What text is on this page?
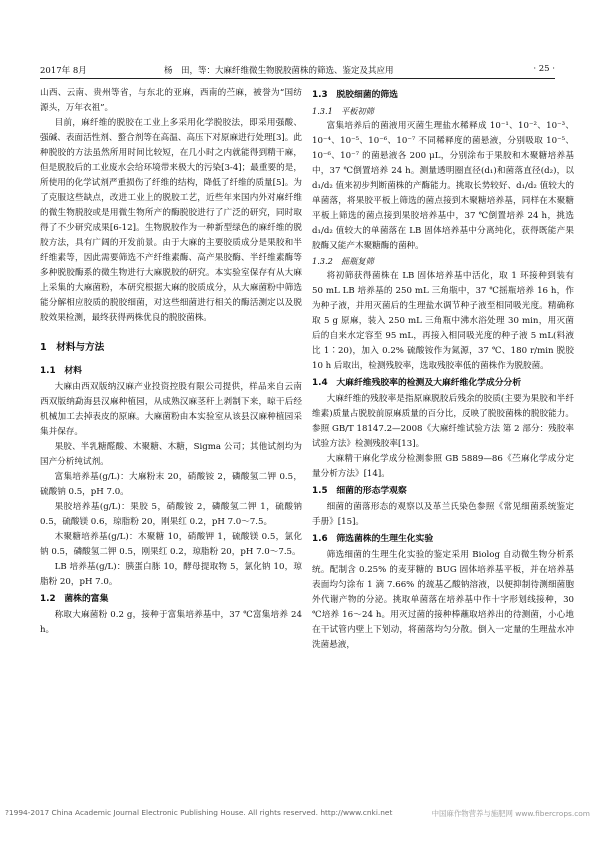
2017年 8月	杨　田，等：大麻纤维微生物脱胶菌株的筛选、鉴定及其应用	· 25 ·

山西、云南、贵州等省，与东北的亚麻，西南的苎麻，被誉为“国纺源头，万年衣祖”。

目前，麻纤维的脱胶在工业上多采用化学脱胶法，即采用强酸、强碱、表面活性剂、螯合剂等在高温、高压下对原麻进行处理[3]。此种脱胶的方法虽然所用时间比较短，在几小时之内就能得到精干麻，但是脱胶后的工业废水会给环境带来极大的污染[3-4]；最重要的是，所使用的化学试剂严重损伤了纤维的结构，降低了纤维的质量[5]。为了克服这些缺点，改进工业上的脱胶工艺，近些年来国内外对麻纤维的微生物脱胶或是用微生物所产的酶脱胶进行了广泛的研究，同时取得了不少研究成果[6-12]。生物脱胶作为一种新型绿色的麻纤维的脱胶方法，具有广阔的开发前景。由于大麻的主要胶质成分是果胶和半纤维素等，因此需要筛选不产纤维素酶、高产果胶酶、半纤维素酶等多种脱胶酶系的微生物进行大麻脱胶的研究。本实验室保存有从大麻上采集的大麻菌粉，本研究根据大麻的胶质成分，从大麻菌粉中筛选能分解相应胶质的脱胶细菌，对这些细菌进行相关的酶活测定以及脱胶效果检测，最终获得两株优良的脱胶菌株。

1　材料与方法
1.1　材料

大麻由西双版纳汉麻产业投资控股有限公司提供，样品来自云南西双版纳勐海县汉麻种植园，从成熟汉麻茎秆上剥制下来，晾干后经机械加工去掉表皮的原麻。大麻菌粉由本实验室从该县汉麻种植园采集并保存。

果胶、半乳糖醛酸、木聚糖、木糖，Sigma 公司；其他试剂均为国产分析纯试剂。

富集培养基(g/L)：大麻粉末 20，硝酸铵 2，磷酸氢二钾 0.5，硫酸钠 0.5，pH 7.0。

果胶培养基(g/L)：果胶 5，硝酸铵 2，磷酸氢二钾 1，硫酸钠 0.5，硫酸镁 0.6，琼脂粉 20，刚果红 0.2，pH 7.0～7.5。

木聚糖培养基(g/L)：木聚糖 10，硝酸钾 1，硫酸镁 0.5，氯化钠 0.5，磷酸氢二钾 0.5，刚果红 0.2，琼脂粉 20，pH 7.0～7.5。

LB 培养基(g/L)：胰蛋白胨 10，酵母提取物 5，氯化钠 10，琼脂粉 20，pH 7.0。

1.2　菌株的富集

称取大麻菌粉 0.2 g，接种于富集培养基中，37 ℃富集培养 24 h。

1.3　脱胶细菌的筛选
1.3.1　平板初筛

富集培养后的菌液用灭菌生理盐水稀释成 10⁻¹、10⁻²、10⁻³、10⁻⁴、10⁻⁵、10⁻⁶、10⁻⁷ 不同稀释度的菌悬液，分别吸取 10⁻⁵、10⁻⁶、10⁻⁷ 的菌悬液各 200 μL，分别涂布于果胶和木聚糖培养基中，37 ℃倒置培养 24 h。测量透明圈直径(d₁)和菌落直径(d₂)，以 d₁/d₂ 值来初步判断菌株的产酶能力。挑取长势较好、d₁/d₂ 值较大的单菌落，将果胶平板上筛选的菌点接到木聚糖培养基，同样在木聚糖平板上筛选的菌点接到果胶培养基中，37 ℃倒置培养 24 h，挑选 d₁/d₂ 值较大的单菌落在 LB 固体培养基中分离纯化，获得既能产果胶酶又能产木聚糖酶的菌种。

1.3.2　摇瓶复筛

将初筛获得菌株在 LB 固体培养基中活化，取 1 环接种到装有 50 mL LB 培养基的 250 mL 三角瓶中，37 ℃摇瓶培养 16 h，作为种子液，并用灭菌后的生理盐水调节种子液至相同吸光度。精确称取 5 g 原麻，装入 250 mL 三角瓶中沸水浴处理 30 min，用灭菌后的自来水定容至 95 mL，再接入相同吸光度的种子液 5 mL(料液比 1∶20)，加入 0.2% 硫酸铵作为氮源，37 ℃、180 r/min 脱胶 10 h 后取出，检测残胶率，选取残胶率低的菌株作为脱胶菌。

1.4　大麻纤维残胶率的检测及大麻纤维化学成分分析

大麻纤维的残胶率是指原麻脱胶后残余的胶质(主要为果胶和半纤维素)质量占脱胶前原麻质量的百分比，反映了脱胶菌株的脱胶能力。参照 GB/T 18147.2—2008《大麻纤维试验方法 第 2 部分：残胶率试验方法》检测残胶率[13]。

大麻精干麻化学成分检测参照 GB 5889—86《苎麻化学成分定量分析方法》[14]。

1.5　细菌的形态学观察

细菌的菌落形态的观察以及革兰氏染色参照《常见细菌系统鉴定手册》[15]。

1.6　筛选菌株的生理生化实验

筛选细菌的生理生化实验的鉴定采用 Biolog 自动微生物分析系统。配制含 0.25% 的麦芽糖的 BUG 固体培养基平板，并在培养基表面均匀涂布 1 滴 7.66% 的巯基乙酸钠溶液，以便抑制待测细菌胞外代谢产物的分泌。挑取单菌落在培养基中作十字形划线接种，30 ℃培养 16～24 h。用灭过菌的接种棒蘸取培养出的待测菌，小心地在干试管内壁上下划动，将菌落均匀分散。倒入一定量的生理盐水冲洗菌悬液，

?1994-2017 China Academic Journal Electronic Publishing House. All rights reserved. http://www.cnki.net	中国麻作物营养与施肥网 www.fibercrops.com
